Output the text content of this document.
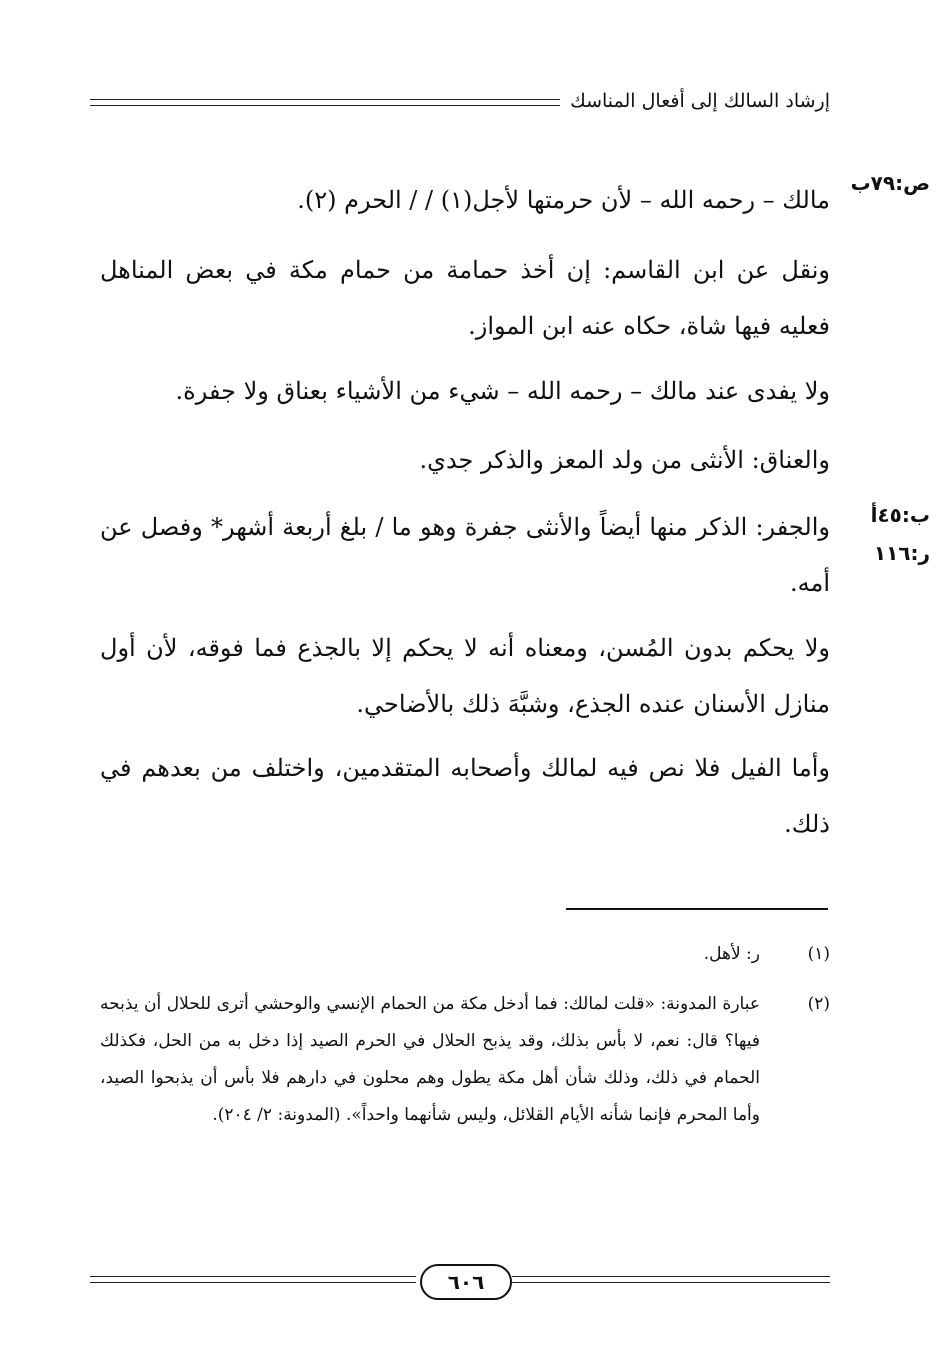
إرشاد السالك إلى أفعال المناسك
ص:٧٩ب
ب:٤٥أ
ر:١١٦
مالك – رحمه الله – لأن حرمتها لأجل(١) / / الحرم (٢).
ونقل عن ابن القاسم: إن أخذ حمامة من حمام مكة في بعض المناهل فعليه فيها شاة، حكاه عنه ابن المواز.
ولا يفدى عند مالك – رحمه الله – شيء من الأشياء بعناق ولا جفرة.
والعناق: الأنثى من ولد المعز والذكر جدي.
والجفر: الذكر منها أيضاً والأنثى جفرة وهو ما / بلغ أربعة أشهر* وفصل عن أمه.
ولا يحكم بدون المُسن، ومعناه أنه لا يحكم إلا بالجذع فما فوقه، لأن أول منازل الأسنان عنده الجذع، وشبَّهَ ذلك بالأضاحي.
وأما الفيل فلا نص فيه لمالك وأصحابه المتقدمين، واختلف من بعدهم في ذلك.
(١)
ر: لأهل.
(٢)
عبارة المدونة: «قلت لمالك: فما أدخل مكة من الحمام الإنسي والوحشي أترى للحلال أن يذبحه فيها؟ قال: نعم، لا بأس بذلك، وقد يذبح الحلال في الحرم الصيد إذا دخل به من الحل، فكذلك الحمام في ذلك، وذلك شأن أهل مكة يطول وهم محلون في دارهم فلا بأس أن يذبحوا الصيد، وأما المحرم فإنما شأنه الأيام القلائل، وليس شأنهما واحداً». (المدونة: ٢/ ٢٠٤).
٦٠٦
